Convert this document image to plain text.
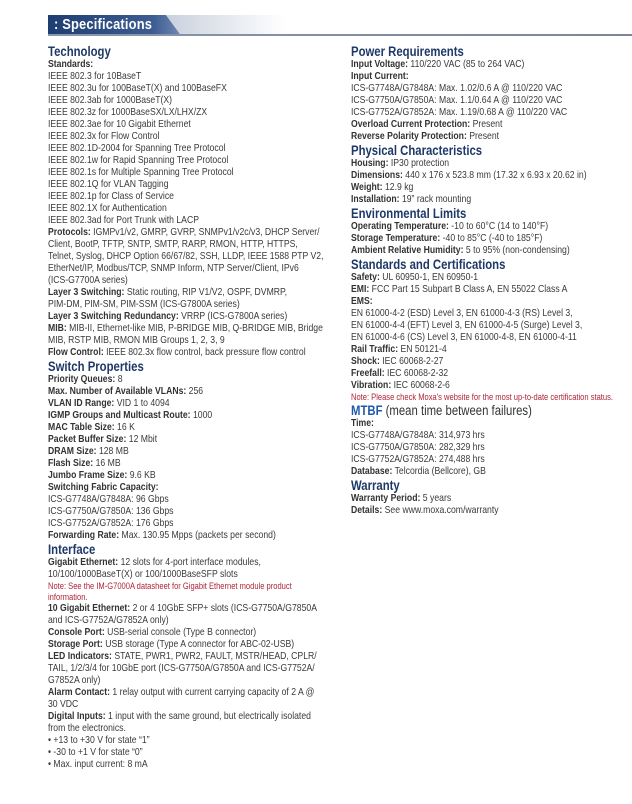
: Specifications
Technology
Standards:
IEEE 802.3 for 10BaseT
IEEE 802.3u for 100BaseT(X) and 100BaseFX
IEEE 802.3ab for 1000BaseT(X)
IEEE 802.3z for 1000BaseSX/LX/LHX/ZX
IEEE 802.3ae for 10 Gigabit Ethernet
IEEE 802.3x for Flow Control
IEEE 802.1D-2004 for Spanning Tree Protocol
IEEE 802.1w for Rapid Spanning Tree Protocol
IEEE 802.1s for Multiple Spanning Tree Protocol
IEEE 802.1Q for VLAN Tagging
IEEE 802.1p for Class of Service
IEEE 802.1X for Authentication
IEEE 802.3ad for Port Trunk with LACP
Protocols: IGMPv1/v2, GMRP, GVRP, SNMPv1/v2c/v3, DHCP Server/
Client, BootP, TFTP, SNTP, SMTP, RARP, RMON, HTTP, HTTPS,
Telnet, Syslog, DHCP Option 66/67/82, SSH, LLDP, IEEE 1588 PTP V2,
EtherNet/IP, Modbus/TCP, SNMP Inform, NTP Server/Client, IPv6
(ICS-G7700A series)
Layer 3 Switching: Static routing, RIP V1/V2, OSPF, DVMRP,
PIM-DM, PIM-SM, PIM-SSM (ICS-G7800A series)
Layer 3 Switching Redundancy: VRRP (ICS-G7800A series)
MIB: MIB-II, Ethernet-like MIB, P-BRIDGE MIB, Q-BRIDGE MIB, Bridge
MIB, RSTP MIB, RMON MIB Groups 1, 2, 3, 9
Flow Control: IEEE 802.3x flow control, back pressure flow control
Switch Properties
Priority Queues: 8
Max. Number of Available VLANs: 256
VLAN ID Range: VID 1 to 4094
IGMP Groups and Multicast Route: 1000
MAC Table Size: 16 K
Packet Buffer Size: 12 Mbit
DRAM Size: 128 MB
Flash Size: 16 MB
Jumbo Frame Size: 9.6 KB
Switching Fabric Capacity:
ICS-G7748A/G7848A: 96 Gbps
ICS-G7750A/G7850A: 136 Gbps
ICS-G7752A/G7852A: 176 Gbps
Forwarding Rate: Max. 130.95 Mpps (packets per second)
Interface
Gigabit Ethernet: 12 slots for 4-port interface modules,
10/100/1000BaseT(X) or 100/1000BaseSFP slots
Note: See the IM-G7000A datasheet for Gigabit Ethernet module product
information.
10 Gigabit Ethernet: 2 or 4 10GbE SFP+ slots (ICS-G7750A/G7850A
and ICS-G7752A/G7852A only)
Console Port: USB-serial console (Type B connector)
Storage Port: USB storage (Type A connector for ABC-02-USB)
LED Indicators: STATE, PWR1, PWR2, FAULT, MSTR/HEAD, CPLR/
TAIL, 1/2/3/4 for 10GbE port (ICS-G7750A/G7850A and ICS-G7752A/
G7852A only)
Alarm Contact: 1 relay output with current carrying capacity of 2 A @
30 VDC
Digital Inputs: 1 input with the same ground, but electrically isolated
from the electronics.
• +13 to +30 V for state “1”
• -30 to +1 V for state “0”
• Max. input current: 8 mA
Power Requirements
Input Voltage: 110/220 VAC (85 to 264 VAC)
Input Current:
ICS-G7748A/G7848A: Max. 1.02/0.6 A @ 110/220 VAC
ICS-G7750A/G7850A: Max. 1.1/0.64 A @ 110/220 VAC
ICS-G7752A/G7852A: Max. 1.19/0.68 A @ 110/220 VAC
Overload Current Protection: Present
Reverse Polarity Protection: Present
Physical Characteristics
Housing: IP30 protection
Dimensions: 440 x 176 x 523.8 mm (17.32 x 6.93 x 20.62 in)
Weight: 12.9 kg
Installation: 19” rack mounting
Environmental Limits
Operating Temperature: -10 to 60°C (14 to 140°F)
Storage Temperature: -40 to 85°C (-40 to 185°F)
Ambient Relative Humidity: 5 to 95% (non-condensing)
Standards and Certifications
Safety: UL 60950-1, EN 60950-1
EMI: FCC Part 15 Subpart B Class A, EN 55022 Class A
EMS:
EN 61000-4-2 (ESD) Level 3, EN 61000-4-3 (RS) Level 3,
EN 61000-4-4 (EFT) Level 3, EN 61000-4-5 (Surge) Level 3,
EN 61000-4-6 (CS) Level 3, EN 61000-4-8, EN 61000-4-11
Rail Traffic: EN 50121-4
Shock: IEC 60068-2-27
Freefall: IEC 60068-2-32
Vibration: IEC 60068-2-6
Note: Please check Moxa's website for the most up-to-date certification status.
MTBF (mean time between failures)
Time:
ICS-G7748A/G7848A: 314,973 hrs
ICS-G7750A/G7850A: 282,329 hrs
ICS-G7752A/G7852A: 274,488 hrs
Database: Telcordia (Bellcore), GB
Warranty
Warranty Period: 5 years
Details: See www.moxa.com/warranty
